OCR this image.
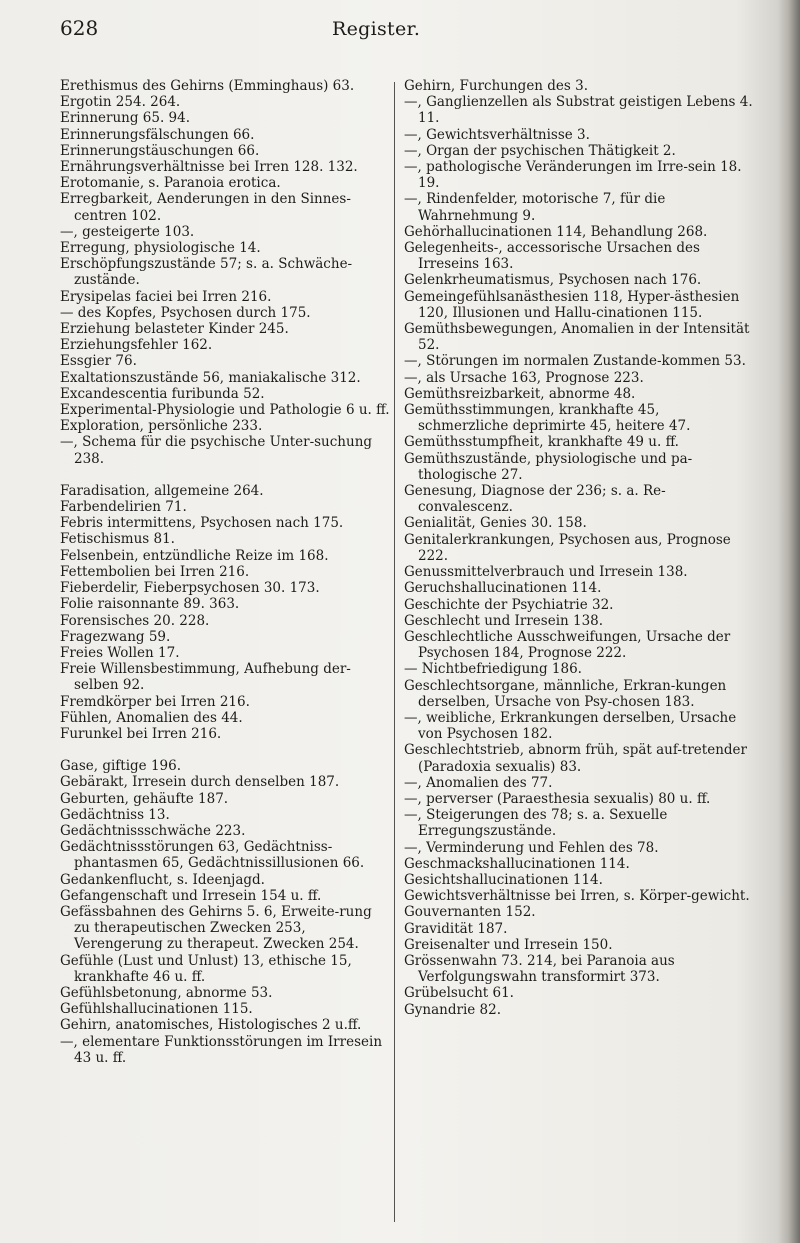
628	Register.

Erethismus des Gehirns (Emminghaus) 63.

Ergotin 254. 264.

Erinnerung 65. 94.

Erinnerungsfälschungen 66.

Erinnerungstäuschungen 66.

Ernährungsverhältnisse bei Irren 128. 132.

Erotomanie, s. Paranoia erotica.

Erregbarkeit, Aenderungen in den Sinnes-centren 102.

—, gesteigerte 103.

Erregung, physiologische 14.

Erschöpfungszustände 57; s. a. Schwäche-zustände.

Erysipelas faciei bei Irren 216.

— des Kopfes, Psychosen durch 175.

Erziehung belasteter Kinder 245.

Erziehungsfehler 162.

Essgier 76.

Exaltationszustände 56, maniakalische 312.

Excandescentia furibunda 52.

Experimental-Physiologie und Pathologie 6 u. ff.

Exploration, persönliche 233.

—, Schema für die psychische Unter-suchung 238.

Faradisation, allgemeine 264.

Farbendelirien 71.

Febris intermittens, Psychosen nach 175.

Fetischismus 81.

Felsenbein, entzündliche Reize im 168.

Fettembolien bei Irren 216.

Fieberdelir, Fieberpsychosen 30. 173.

Folie raisonnante 89. 363.

Forensisches 20. 228.

Fragezwang 59.

Freies Wollen 17.

Freie Willensbestimmung, Aufhebung der-selben 92.

Fremdkörper bei Irren 216.

Fühlen, Anomalien des 44.

Furunkel bei Irren 216.

Gase, giftige 196.

Gebärakt, Irresein durch denselben 187.

Geburten, gehäufte 187.

Gedächtniss 13.

Gedächtnissschwäche 223.

Gedächtnissstörungen 63, Gedächtniss-phantasmen 65, Gedächtnissillusionen 66.

Gedankenflucht, s. Ideenjagd.

Gefangenschaft und Irresein 154 u. ff.

Gefässbahnen des Gehirns 5. 6, Erweite-rung zu therapeutischen Zwecken 253, Verengerung zu therapeut. Zwecken 254.

Gefühle (Lust und Unlust) 13, ethische 15, krankhafte 46 u. ff.

Gefühlsbetonung, abnorme 53.

Gefühlshallucinationen 115.

Gehirn, anatomisches, Histologisches 2 u.ff.

—, elementare Funktionsstörungen im Irresein 43 u. ff.

Gehirn, Furchungen des 3.

—, Ganglienzellen als Substrat geistigen Lebens 4. 11.

—, Gewichtsverhältnisse 3.

—, Organ der psychischen Thätigkeit 2.

—, pathologische Veränderungen im Irre-sein 18. 19.

—, Rindenfelder, motorische 7, für die Wahrnehmung 9.

Gehörhallucinationen 114, Behandlung 268.

Gelegenheits-, accessorische Ursachen des Irreseins 163.

Gelenkrheumatismus, Psychosen nach 176.

Gemeingefühlsanästhesien 118, Hyper-ästhesien 120, Illusionen und Hallu-cinationen 115.

Gemüthsbewegungen, Anomalien in der Intensität 52.

—, Störungen im normalen Zustande-kommen 53.

—, als Ursache 163, Prognose 223.

Gemüthsreizbarkeit, abnorme 48.

Gemüthsstimmungen, krankhafte 45, schmerzliche deprimirte 45, heitere 47.

Gemüthsstumpfheit, krankhafte 49 u. ff.

Gemüthszustände, physiologische und pa-thologische 27.

Genesung, Diagnose der 236; s. a. Re-convalescenz.

Genialität, Genies 30. 158.

Genitalerkrankungen, Psychosen aus, Prognose 222.

Genussmittelverbrauch und Irresein 138.

Geruchshallucinationen 114.

Geschichte der Psychiatrie 32.

Geschlecht und Irresein 138.

Geschlechtliche Ausschweifungen, Ursache der Psychosen 184, Prognose 222.

— Nichtbefriedigung 186.

Geschlechtsorgane, männliche, Erkran-kungen derselben, Ursache von Psy-chosen 183.

—, weibliche, Erkrankungen derselben, Ursache von Psychosen 182.

Geschlechtstrieb, abnorm früh, spät auf-tretender (Paradoxia sexualis) 83.

—, Anomalien des 77.

—, perverser (Paraesthesia sexualis) 80 u. ff.

—, Steigerungen des 78; s. a. Sexuelle Erregungszustände.

—, Verminderung und Fehlen des 78.

Geschmackshallucinationen 114.

Gesichtshallucinationen 114.

Gewichtsverhältnisse bei Irren, s. Körper-gewicht.

Gouvernanten 152.

Gravidität 187.

Greisenalter und Irresein 150.

Grössenwahn 73. 214, bei Paranoia aus Verfolgungswahn transformirt 373.

Grübelsucht 61.

Gynandrie 82.
